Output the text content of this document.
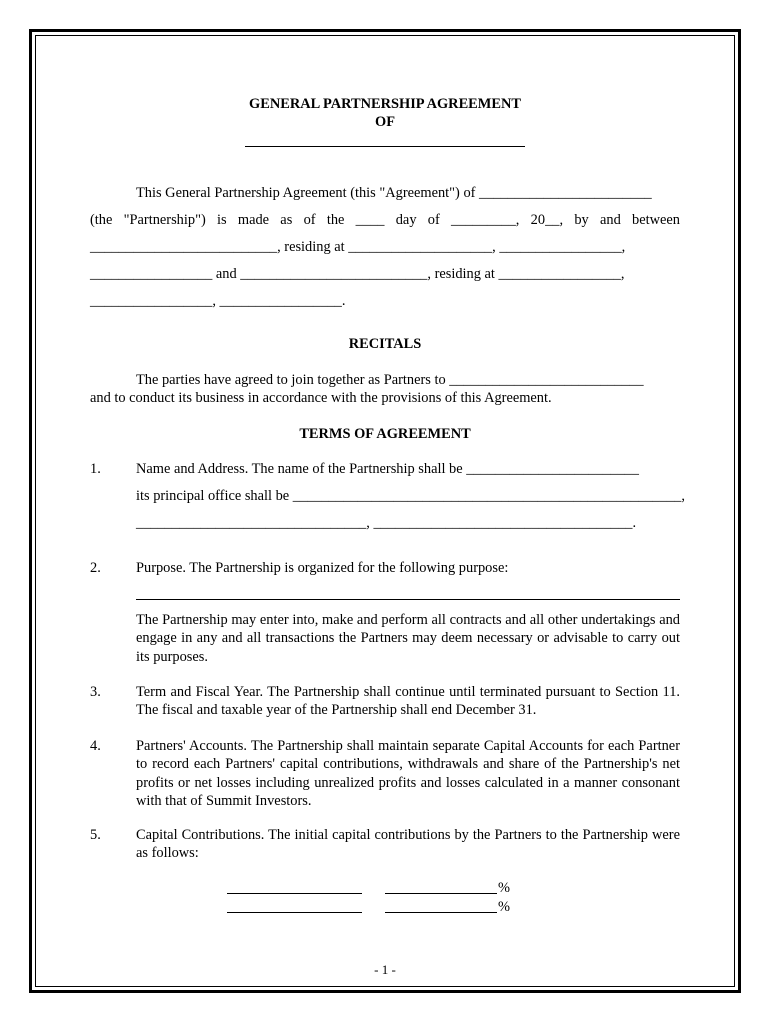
GENERAL PARTNERSHIP AGREEMENT
OF
This General Partnership Agreement (this "Agreement") of ________________________
(the "Partnership") is made as of the ____ day of _________, 20__, by and between
__________________________, residing at ____________________, _________________,
_________________ and __________________________, residing at _________________,
_________________, _________________.
RECITALS
The parties have agreed to join together as Partners to ___________________________
and to conduct its business in accordance with the provisions of this Agreement.
TERMS OF AGREEMENT
1. Name and Address. The name of the Partnership shall be ________________________
its principal office shall be ______________________________________________________,
________________________________, ____________________________________.
2. Purpose. The Partnership is organized for the following purpose:
The Partnership may enter into, make and perform all contracts and all other undertakings and engage in any and all transactions the Partners may deem necessary or advisable to carry out its purposes.
3. Term and Fiscal Year. The Partnership shall continue until terminated pursuant to Section 11. The fiscal and taxable year of the Partnership shall end December 31.
4. Partners' Accounts. The Partnership shall maintain separate Capital Accounts for each Partner to record each Partners' capital contributions, withdrawals and share of the Partnership's net profits or net losses including unrealized profits and losses calculated in a manner consonant with that of Summit Investors.
5. Capital Contributions. The initial capital contributions by the Partners to the Partnership were as follows:
%
%
- 1 -
